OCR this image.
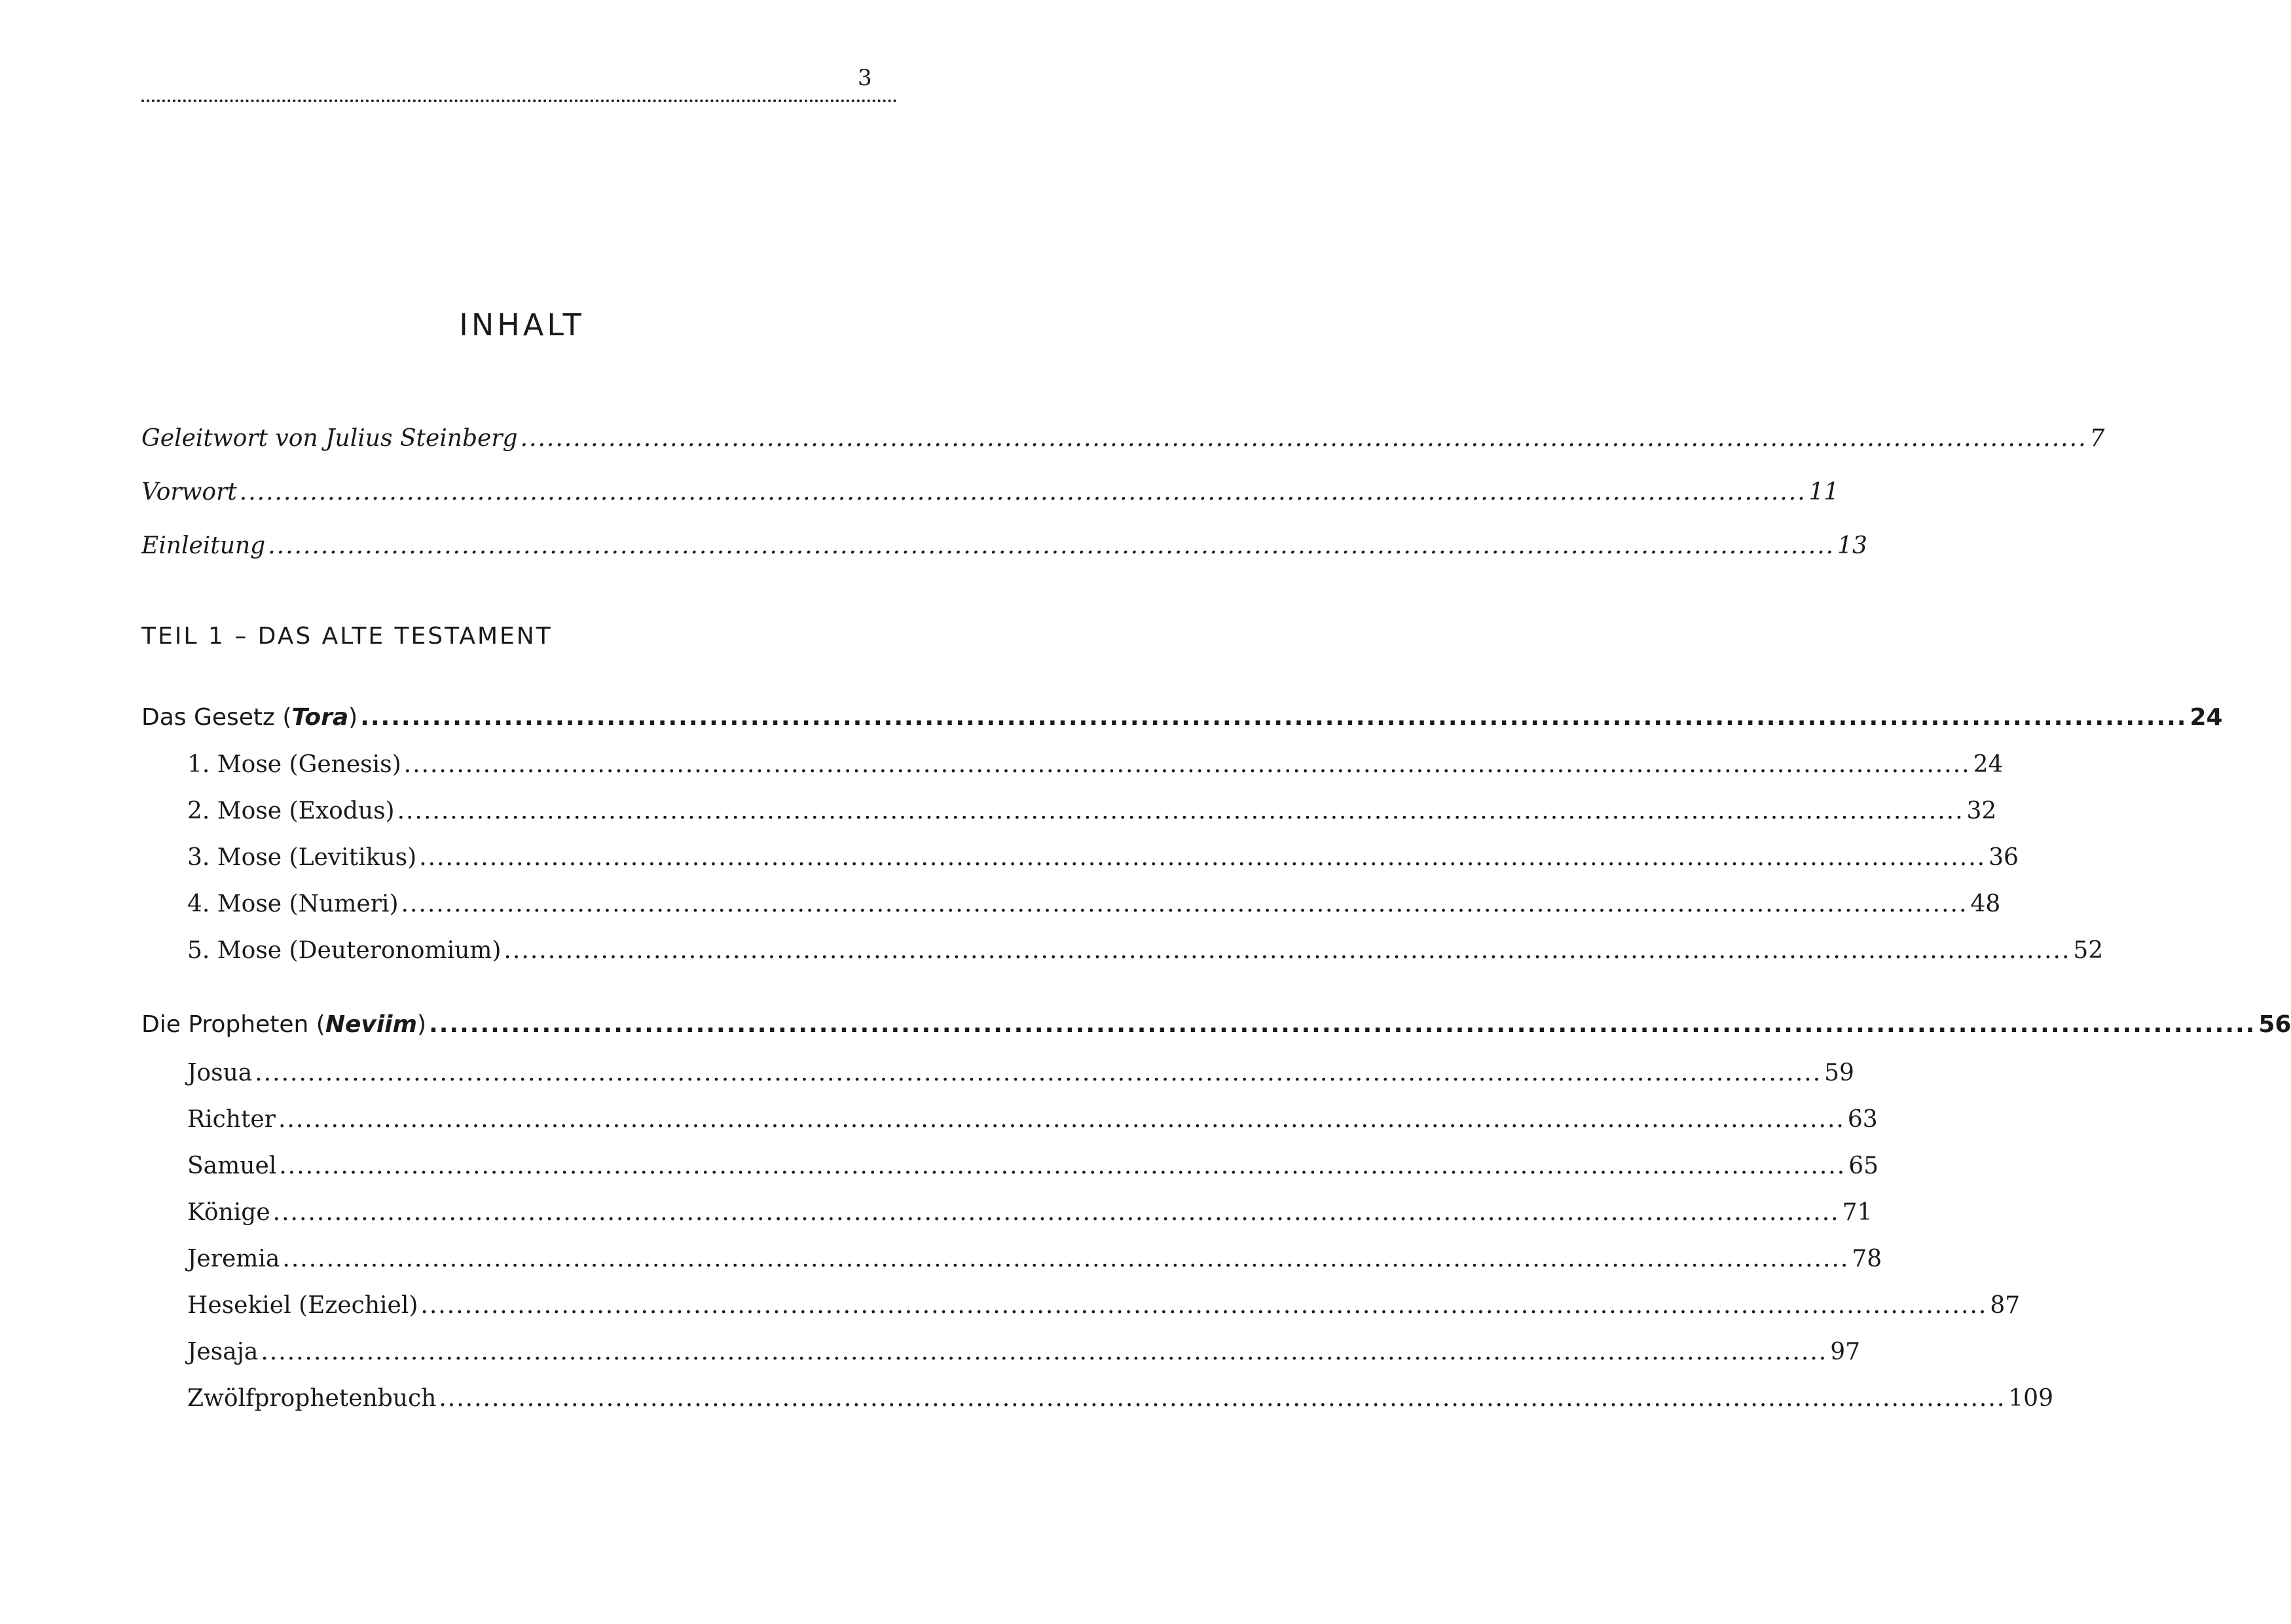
3
INHALT
Geleitwort von Julius Steinberg .................................................................................................................................................................................. 7
Vorwort .................................................................................................................................................................................. 11
Einleitung .................................................................................................................................................................................. 13
TEIL 1 – DAS ALTE TESTAMENT
Das Gesetz (Tora) .................................................................................................................................................................................. 24
1. Mose (Genesis) .................................................................................................................................................................................. 24
2. Mose (Exodus) .................................................................................................................................................................................. 32
3. Mose (Levitikus) .................................................................................................................................................................................. 36
4. Mose (Numeri) .................................................................................................................................................................................. 48
5. Mose (Deuteronomium) .................................................................................................................................................................................. 52
Die Propheten (Neviim) .................................................................................................................................................................................. 56
Josua .................................................................................................................................................................................. 59
Richter .................................................................................................................................................................................. 63
Samuel .................................................................................................................................................................................. 65
Könige .................................................................................................................................................................................. 71
Jeremia .................................................................................................................................................................................. 78
Hesekiel (Ezechiel) .................................................................................................................................................................................. 87
Jesaja .................................................................................................................................................................................. 97
Zwölfprophetenbuch .................................................................................................................................................................................. 109
